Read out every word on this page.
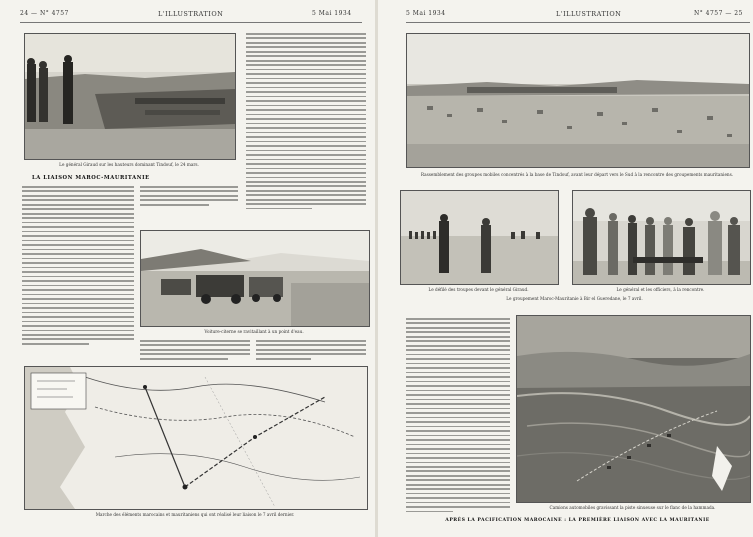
24 — N° 4757	L'ILLUSTRATION	5 Mai 1934
Le général Giraud sur les hauteurs dominant Tindouf, le 24 mars.
LA LIAISON MAROC-MAURITANIE
Voiture-citerne se ravitaillant à un point d'eau.
Marche des éléments marocains et mauritaniens qui ont réalisé leur liaison le 7 avril dernier.
5 Mai 1934	L'ILLUSTRATION	N° 4757 — 25
Rassemblement des groupes mobiles concentrés à la base de Tindouf, avant leur départ vers le Sud à la rencontre des groupements mauritaniens.
Le défilé des troupes devant le général Giraud.	Le général et les officiers, à la rencontre.
Le groupement Maroc-Mauritanie à Bir el Gueredane, le 7 avril.
Camions automobiles gravissant la piste sinueuse sur le flanc de la hammada.
APRÈS LA PACIFICATION MAROCAINE : LA PREMIÈRE LIAISON AVEC LA MAURITANIE
